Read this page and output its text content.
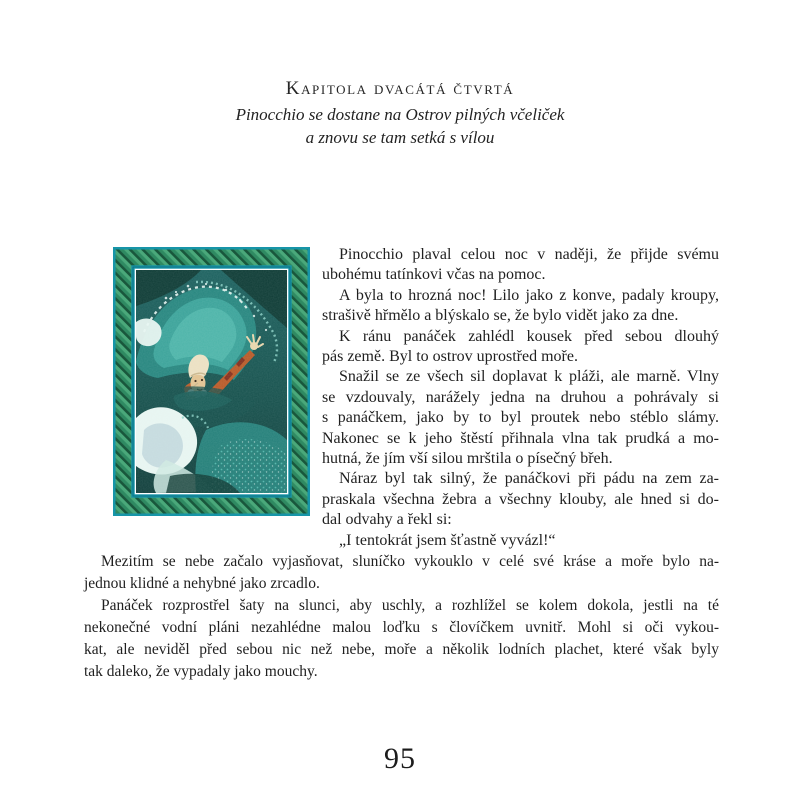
Kapitola dvacátá čtvrtá
Pinocchio se dostane na Ostrov pilných včeliček
a znovu se tam setká s vílou
Pinocchio plaval celou noc v naději, že přijde svému
ubohému tatínkovi včas na pomoc.
A byla to hrozná noc! Lilo jako z konve, padaly kroupy,
strašivě hřmělo a blýskalo se, že bylo vidět jako za dne.
K ránu panáček zahlédl kousek před sebou dlouhý
pás země. Byl to ostrov uprostřed moře.
Snažil se ze všech sil doplavat k pláži, ale marně. Vlny
se vzdouvaly, narážely jedna na druhou a pohrávaly si
s panáčkem, jako by to byl proutek nebo stéblo slámy.
Nakonec se k jeho štěstí přihnala vlna tak prudká a mo-
hutná, že jím vší silou mrštila o písečný břeh.
Náraz byl tak silný, že panáčkovi při pádu na zem za-
praskala všechna žebra a všechny klouby, ale hned si do-
dal odvahy a řekl si:
„I tentokrát jsem šťastně vyvázl!“
Mezitím se nebe začalo vyjasňovat, sluníčko vykouklo v celé své kráse a moře bylo na-
jednou klidné a nehybné jako zrcadlo.
Panáček rozprostřel šaty na slunci, aby uschly, a rozhlížel se kolem dokola, jestli na té
nekonečné vodní pláni nezahlédne malou loďku s človíčkem uvnitř. Mohl si oči vykou-
kat, ale neviděl před sebou nic než nebe, moře a několik lodních plachet, které však byly
tak daleko, že vypadaly jako mouchy.
95
